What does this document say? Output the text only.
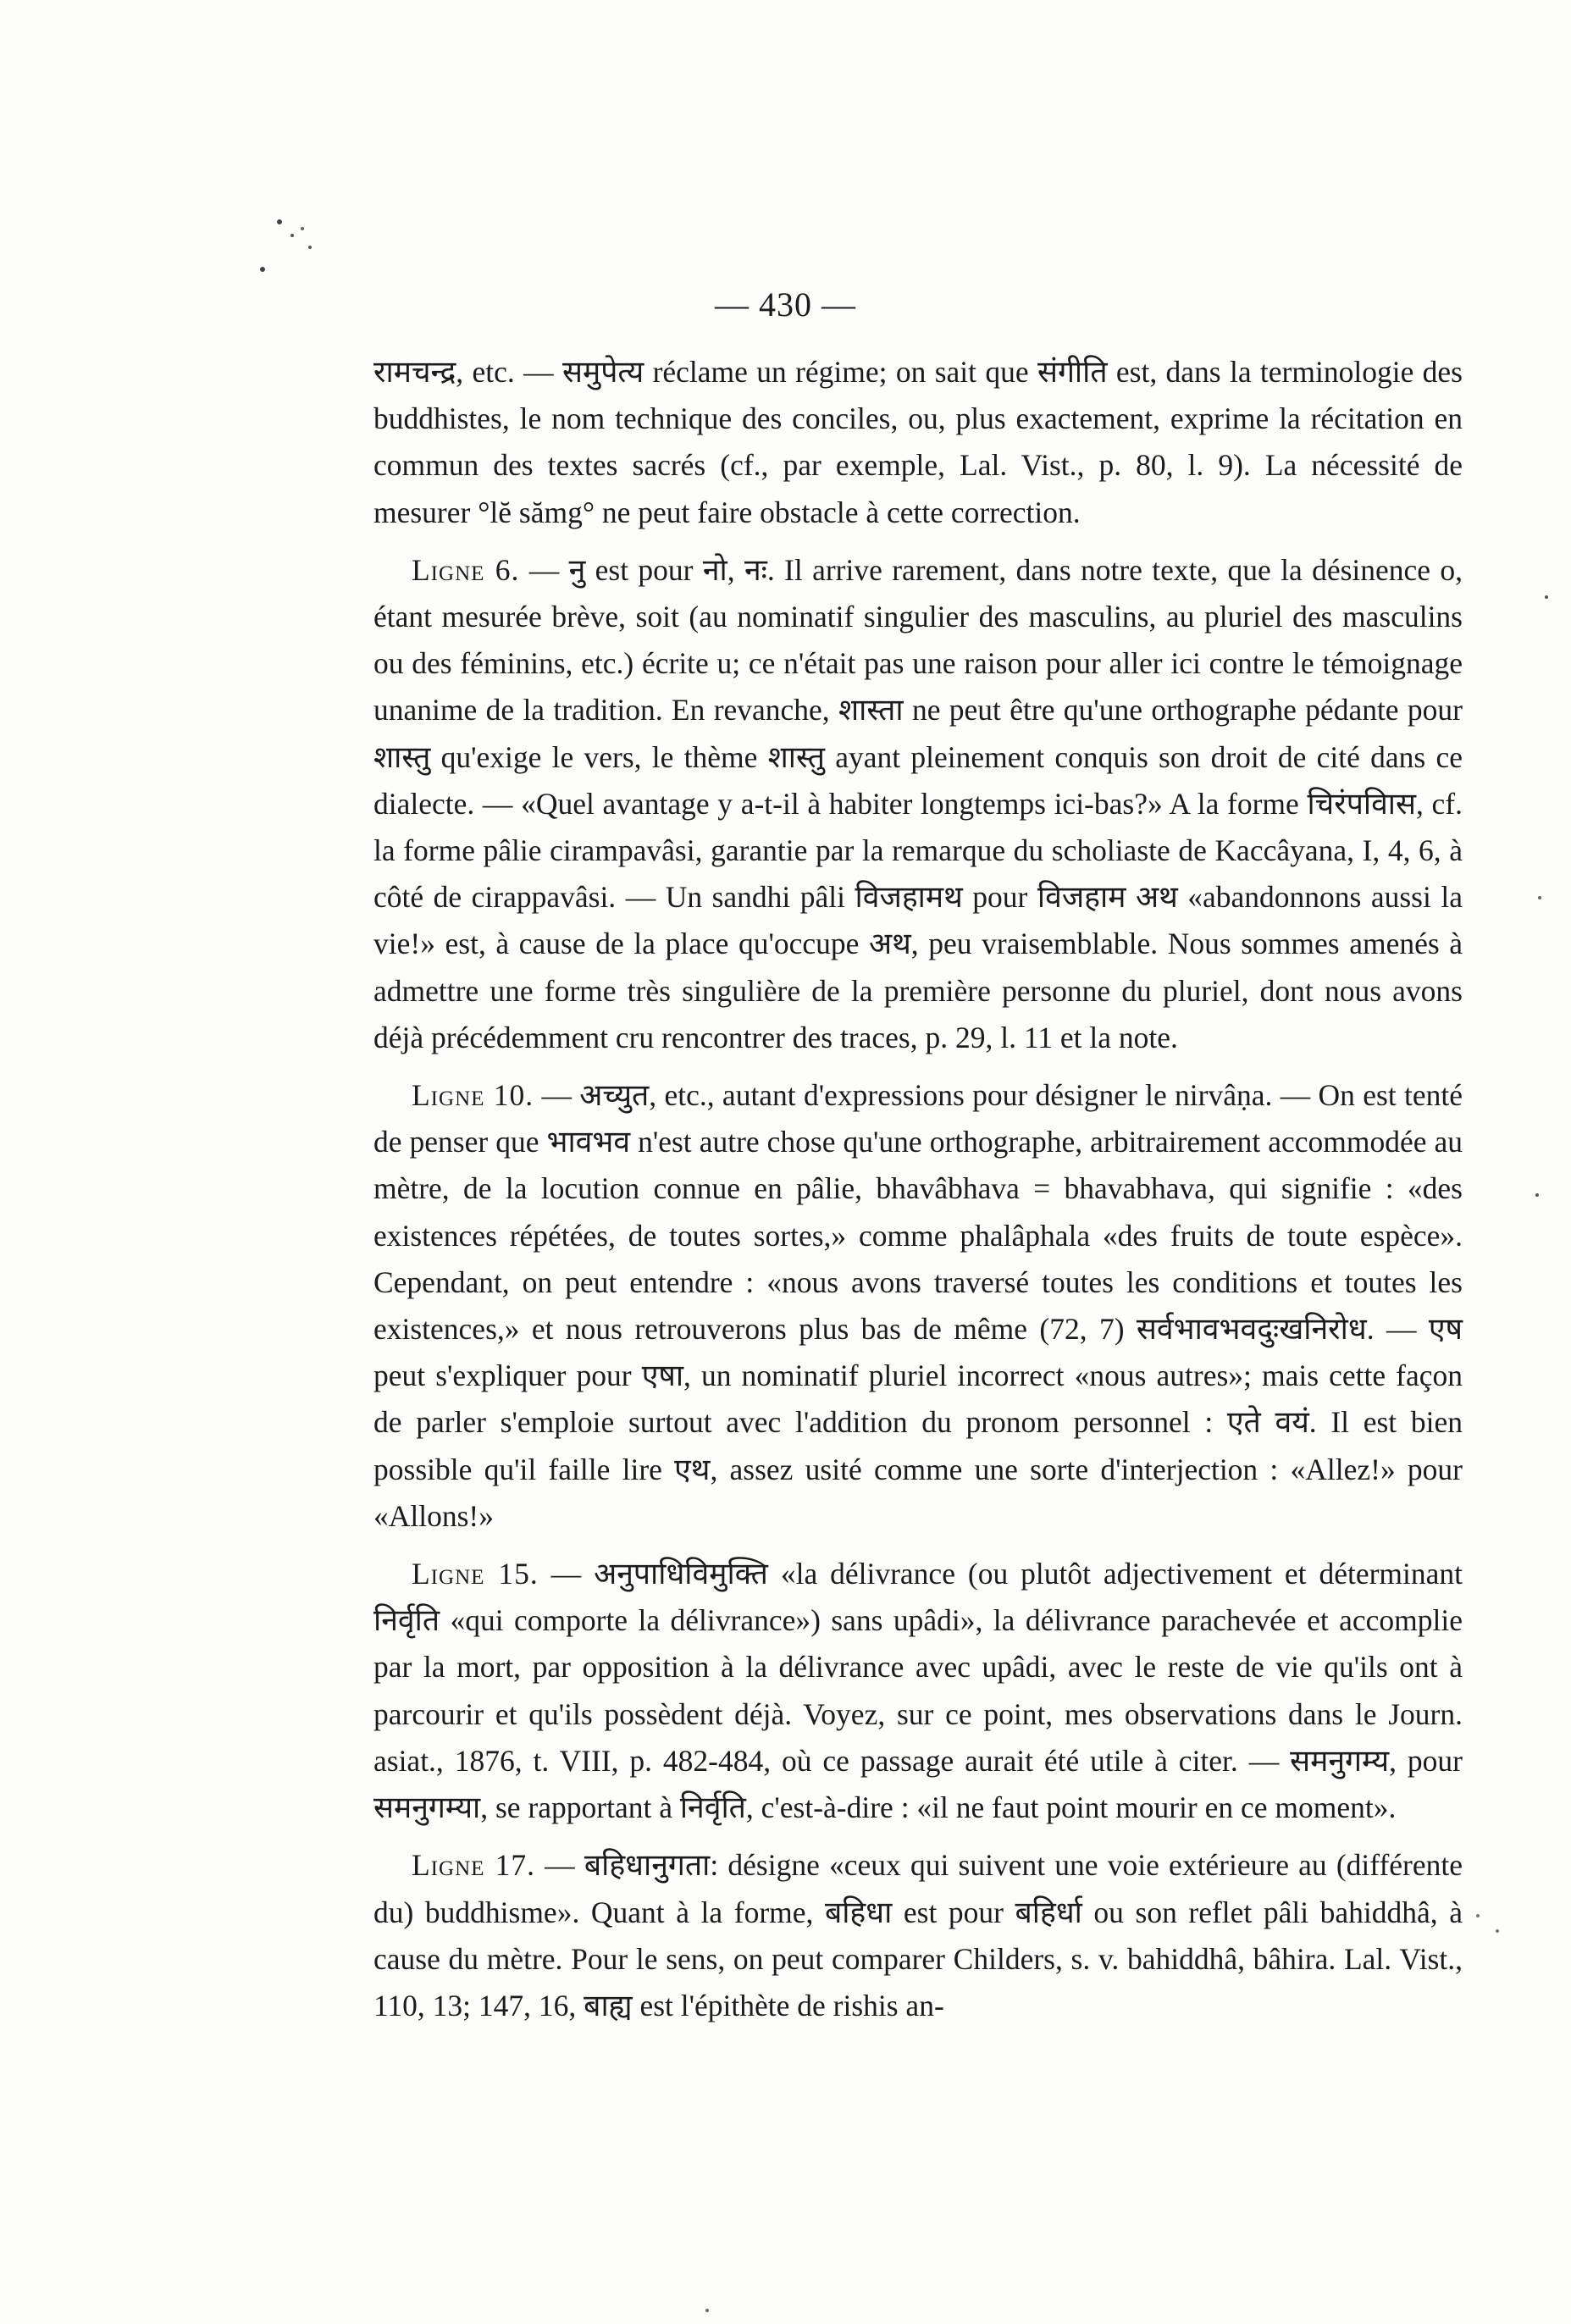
— 430 —

रामचन्द्र, etc. — समुपेत्य réclame un régime; on sait que संगीति est, dans la terminologie des buddhistes, le nom technique des conciles, ou, plus exactement, exprime la récitation en commun des textes sacrés (cf., par exemple, Lal. Vist., p. 80, l. 9). La nécessité de mesurer °lĕ sămg° ne peut faire obstacle à cette correction.

Ligne 6. — नु est pour नो, नः. Il arrive rarement, dans notre texte, que la désinence o, étant mesurée brève, soit (au nominatif singulier des masculins, au pluriel des masculins ou des féminins, etc.) écrite u; ce n'était pas une raison pour aller ici contre le témoignage unanime de la tradition. En revanche, शास्ता ne peut être qu'une orthographe pédante pour शास्तु qu'exige le vers, le thème शास्तु ayant pleinement conquis son droit de cité dans ce dialecte. — «Quel avantage y a-t-il à habiter longtemps ici-bas?» A la forme चिरंपविास, cf. la forme pâlie cirampavâsi, garantie par la remarque du scholiaste de Kaccâyana, I, 4, 6, à côté de cirappavâsi. — Un sandhi pâli विजहामथ pour विजहाम अथ «abandonnons aussi la vie!» est, à cause de la place qu'occupe अथ, peu vraisemblable. Nous sommes amenés à admettre une forme très singulière de la première personne du pluriel, dont nous avons déjà précédemment cru rencontrer des traces, p. 29, l. 11 et la note.

Ligne 10. — अच्युत, etc., autant d'expressions pour désigner le nirvâṇa. — On est tenté de penser que भावभव n'est autre chose qu'une orthographe, arbitrairement accommodée au mètre, de la locution connue en pâlie, bhavâbhava = bhavabhava, qui signifie : «des existences répétées, de toutes sortes,» comme phalâphala «des fruits de toute espèce». Cependant, on peut entendre : «nous avons traversé toutes les conditions et toutes les existences,» et nous retrouverons plus bas de même (72, 7) सर्वभावभवदुःखनिरोध. — एष peut s'expliquer pour एषा, un nominatif pluriel incorrect «nous autres»; mais cette façon de parler s'emploie surtout avec l'addition du pronom personnel : एते वयं. Il est bien possible qu'il faille lire एथ, assez usité comme une sorte d'interjection : «Allez!» pour «Allons!»

Ligne 15. — अनुपाधिविमुक्ति «la délivrance (ou plutôt adjectivement et déterminant निर्वृति «qui comporte la délivrance») sans upâdi», la délivrance parachevée et accomplie par la mort, par opposition à la délivrance avec upâdi, avec le reste de vie qu'ils ont à parcourir et qu'ils possèdent déjà. Voyez, sur ce point, mes observations dans le Journ. asiat., 1876, t. VIII, p. 482-484, où ce passage aurait été utile à citer. — समनुगम्य, pour समनुगम्या, se rapportant à निर्वृति, c'est-à-dire : «il ne faut point mourir en ce moment».

Ligne 17. — बहिधानुगता: désigne «ceux qui suivent une voie extérieure au (différente du) buddhisme». Quant à la forme, बहिधा est pour बहिर्धा ou son reflet pâli bahiddhâ, à cause du mètre. Pour le sens, on peut comparer Childers, s. v. bahiddhâ, bâhira. Lal. Vist., 110, 13; 147, 16, बाह्य est l'épithète de rishis an-
